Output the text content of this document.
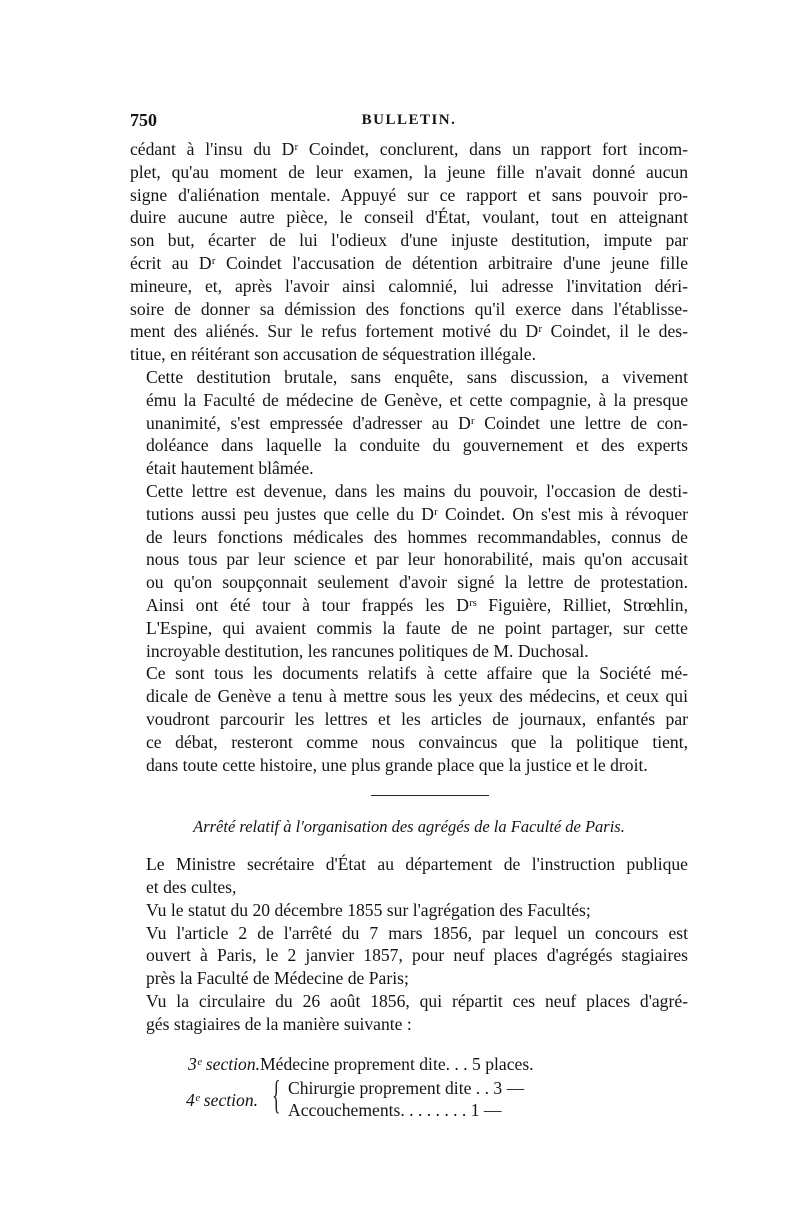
750	BULLETIN.

cédant à l'insu du Dʳ Coindet, conclurent, dans un rapport fort incom-
plet, qu'au moment de leur examen, la jeune fille n'avait donné aucun
signe d'aliénation mentale. Appuyé sur ce rapport et sans pouvoir pro-
duire aucune autre pièce, le conseil d'État, voulant, tout en atteignant
son but, écarter de lui l'odieux d'une injuste destitution, impute par
écrit au Dʳ Coindet l'accusation de détention arbitraire d'une jeune fille
mineure, et, après l'avoir ainsi calomnié, lui adresse l'invitation déri-
soire de donner sa démission des fonctions qu'il exerce dans l'établisse-
ment des aliénés. Sur le refus fortement motivé du Dʳ Coindet, il le des-
titue, en réitérant son accusation de séquestration illégale.

Cette destitution brutale, sans enquête, sans discussion, a vivement
ému la Faculté de médecine de Genève, et cette compagnie, à la presque
unanimité, s'est empressée d'adresser au Dʳ Coindet une lettre de con-
doléance dans laquelle la conduite du gouvernement et des experts
était hautement blâmée.

Cette lettre est devenue, dans les mains du pouvoir, l'occasion de desti-
tutions aussi peu justes que celle du Dʳ Coindet. On s'est mis à révoquer
de leurs fonctions médicales des hommes recommandables, connus de
nous tous par leur science et par leur honorabilité, mais qu'on accusait
ou qu'on soupçonnait seulement d'avoir signé la lettre de protestation.
Ainsi ont été tour à tour frappés les Dʳˢ Figuière, Rilliet, Strœhlin,
L'Espine, qui avaient commis la faute de ne point partager, sur cette
incroyable destitution, les rancunes politiques de M. Duchosal.

Ce sont tous les documents relatifs à cette affaire que la Société mé-
dicale de Genève a tenu à mettre sous les yeux des médecins, et ceux qui
voudront parcourir les lettres et les articles de journaux, enfantés par
ce débat, resteront comme nous convaincus que la politique tient,
dans toute cette histoire, une plus grande place que la justice et le droit.

Arrêté relatif à l'organisation des agrégés de la Faculté de Paris.

Le Ministre secrétaire d'État au département de l'instruction publique
et des cultes,

Vu le statut du 20 décembre 1855 sur l'agrégation des Facultés;

Vu l'article 2 de l'arrêté du 7 mars 1856, par lequel un concours est
ouvert à Paris, le 2 janvier 1857, pour neuf places d'agrégés stagiaires
près la Faculté de Médecine de Paris;

Vu la circulaire du 26 août 1856, qui répartit ces neuf places d'agré-
gés stagiaires de la manière suivante :

3ᵉ section. Médecine proprement dite. . . 5 places.
4ᵉ section. { Chirurgie proprement dite . . 3 —
Accouchements. . . . . . . . 1 —
